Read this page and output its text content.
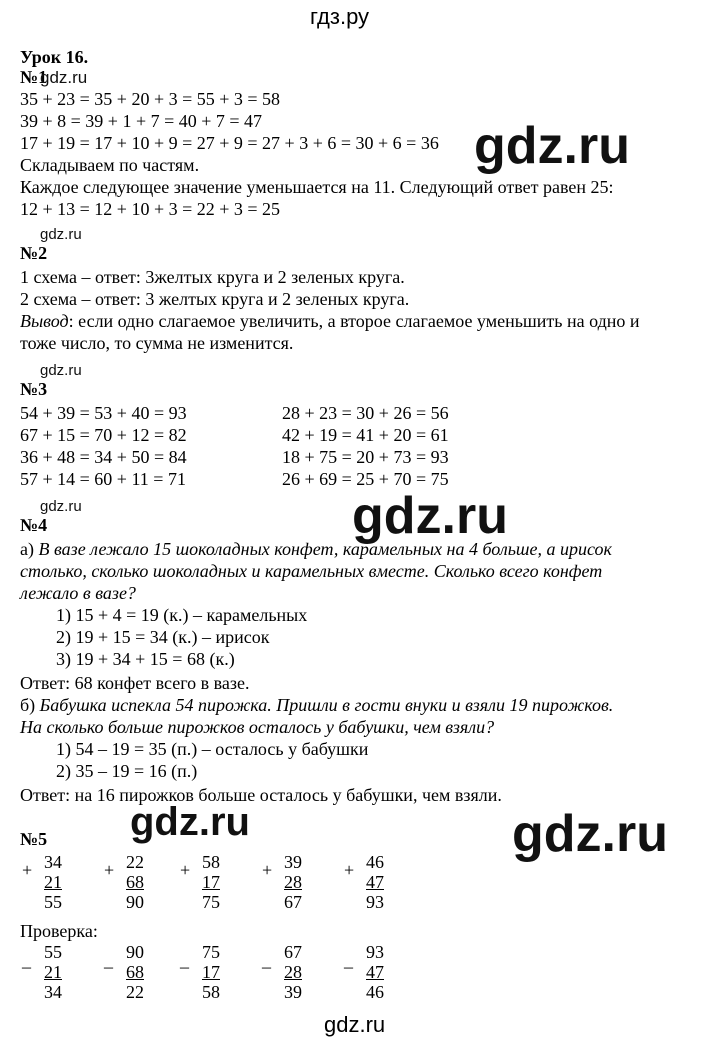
гдз.ру
Урок 16.
№1
gdz.ru
35 + 23 = 35 + 20 + 3 = 55 + 3 = 58
39 + 8 = 39 + 1 + 7 = 40 + 7 = 47
17 + 19 = 17 + 10 + 9 = 27 + 9 = 27 + 3 + 6 = 30 + 6 = 36
Складываем по частям.
Каждое следующее значение уменьшается на 11. Следующий ответ равен 25:
12 + 13 = 12 + 10 + 3 = 22 + 3 = 25
gdz.ru
gdz.ru
№2
1 схема – ответ: 3желтых круга и 2 зеленых круга.
2 схема – ответ: 3 желтых круга и 2 зеленых круга.
Вывод: если одно слагаемое увеличить, а второе слагаемое уменьшить на одно и
тоже число, то сумма не изменится.
gdz.ru
№3
54 + 39 = 53 + 40 = 93
67 + 15 = 70 + 12 = 82
36 + 48 = 34 + 50 = 84
57 + 14 = 60 + 11 = 71
28 + 23 = 30 + 26 = 56
42 + 19 = 41 + 20 = 61
18 + 75 = 20 + 73 = 93
26 + 69 = 25 + 70 = 75
gdz.ru	gdz.ru
№4
а) В вазе лежало 15 шоколадных конфет, карамельных на 4 больше, а ирисок
столько, сколько шоколадных и карамельных вместе. Сколько всего конфет
лежало в вазе?
1) 15 + 4 = 19 (к.) – карамельных
2) 19 + 15 = 34 (к.) – ирисок
3) 19 + 34 + 15 = 68 (к.)
Ответ: 68 конфет всего в вазе.
б) Бабушка испекла 54 пирожка. Пришли в гости внуки и взяли 19 пирожков.
На сколько больше пирожков осталось у бабушки, чем взяли?
1) 54 – 19 = 35 (п.) – осталось у бабушки
2) 35 – 19 = 16 (п.)
Ответ: на 16 пирожков больше осталось у бабушки, чем взяли.
gdz.ru	gdz.ru
№5
+ 34
21
55
+ 22
68
90
+ 58
17
75
+ 39
28
67
+ 46
47
93
Проверка:
_ 55
21
34
_ 90
68
22
_ 75
17
58
_ 67
28
39
_ 93
47
46
gdz.ru
